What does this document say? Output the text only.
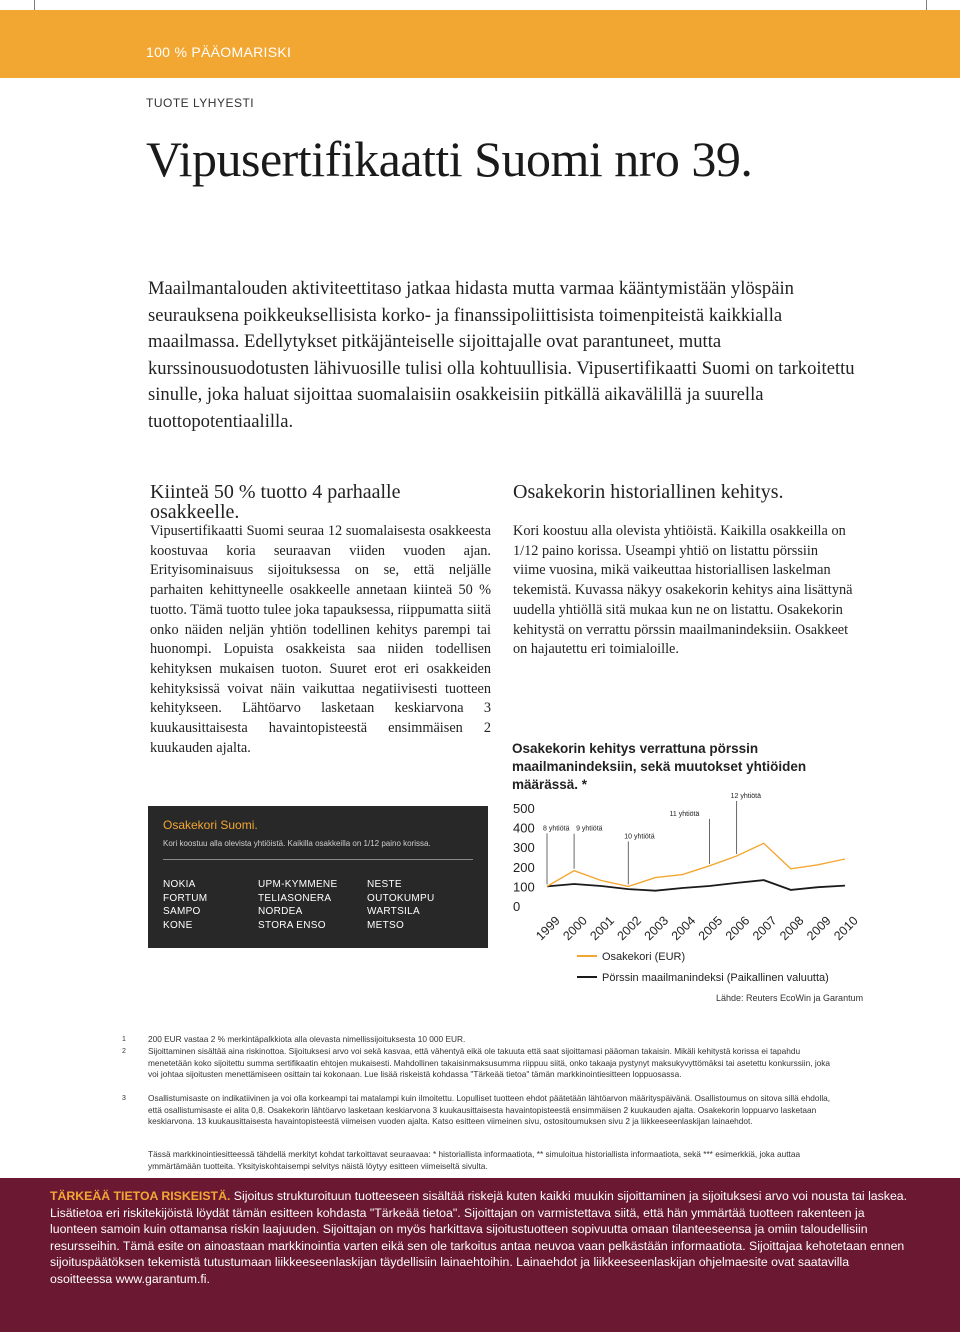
100 % PÄÄOMARISKI
TUOTE LYHYESTI
Vipusertifikaatti Suomi nro 39.

Maailmantalouden aktiviteettitaso jatkaa hidasta mutta varmaa kääntymistään ylöspäin seurauksena poikkeuksellisista korko- ja finanssipoliittisista toimenpiteistä kaikkialla maailmassa. Edellytykset pitkäjänteiselle sijoittajalle ovat parantuneet, mutta kurssinousuodotusten lähivuosille tulisi olla kohtuullisia. Vipusertifikaatti Suomi on tarkoitettu sinulle, joka haluat sijoittaa suomalaisiin osakkeisiin pitkällä aikavälillä ja suurella tuottopotentiaalilla.

Kiinteä 50 % tuotto 4 parhaalle osakkeelle.

Vipusertifikaatti Suomi seuraa 12 suomalaisesta osakkeesta koostuvaa koria seuraavan viiden vuoden ajan. Erityisominaisuus sijoituksessa on se, että neljälle parhaiten kehittyneelle osakkeelle annetaan kiinteä 50 % tuotto. Tämä tuotto tulee joka tapauksessa, riippumatta siitä onko näiden neljän yhtiön todellinen kehitys parempi tai huonompi. Lopuista osakkeista saa niiden todellisen kehityksen mukaisen tuoton. Suuret erot eri osakkeiden kehityksissä voivat näin vaikuttaa negatiivisesti tuotteen kehitykseen. Lähtöarvo lasketaan keskiarvona 3 kuukausittaisesta havaintopisteestä ensimmäisen 2 kuukauden ajalta.

Osakekorin historiallinen kehitys.

Kori koostuu alla olevista yhtiöistä. Kaikilla osakkeilla on 1/12 paino korissa. Useampi yhtiö on listattu pörssiin viime vuosina, mikä vaikeuttaa historiallisen laskelman tekemistä. Kuvassa näkyy osakekorin kehitys aina lisättynä uudella yhtiöllä sitä mukaa kun ne on listattu. Osakekorin kehitystä on verrattu pörssin maailmanindeksiin. Osakkeet on hajautettu eri toimialoille.

Osakekorin kehitys verrattuna pörssin maailmanindeksiin, sekä muutokset yhtiöiden määrässä. *
Osakekori Suomi.
Kori koostuu alla olevista yhtiöistä. Kaikilla osakkeilla on 1/12 paino korissa.
NOKIA
FORTUM
SAMPO
KONE
UPM-KYMMENE
TELIASONERA
NORDEA
STORA ENSO
NESTE
OUTOKUMPU
WARTSILA
METSO
500
400
300
200
100
0
1999
2000
2001
2002
2003
2004
2005
2006
2007
2008
2009
2010
8 yhtiötä 9 yhtiötä
10 yhtiötä
11 yhtiötä
12 yhtiötä
Osakekori (EUR)
Pörssin maailmanindeksi (Paikallinen valuutta)
Lähde: Reuters EcoWin ja Garantum

1	200 EUR vastaa 2 % merkintäpalkkiota alla olevasta nimellissijoituksesta 10 000 EUR.

2	Sijoittaminen sisältää aina riskinottoa. Sijoituksesi arvo voi sekä kasvaa, että vähentyä eikä ole takuuta että saat sijoittamasi pääoman takaisin. Mikäli kehitystä korissa ei tapahdu menetetään koko sijoitettu summa sertifikaatin ehtojen mukaisesti. Mahdollinen takaisinmaksusumma riippuu siitä, onko takaaja pystynyt maksukyvyttömäksi tai asetettu konkurssiin, joka voi johtaa sijoitusten menettämiseen osittain tai kokonaan. Lue lisää riskeistä kohdassa "Tärkeää tietoa" tämän markkinointiesitteen loppuosassa.

3	Osallistumisaste on indikatiivinen ja voi olla korkeampi tai matalampi kuin ilmoitettu. Lopulliset tuotteen ehdot päätetään lähtöarvon määrityspäivänä. Osallistoumus on sitova sillä ehdolla, että osallistumisaste ei alita 0,8. Osakekorin lähtöarvo lasketaan keskiarvona 3 kuukausittaisesta havaintopisteestä ensimmäisen 2 kuukauden ajalta. Osakekorin loppuarvo lasketaan keskiarvona. 13 kuukausittaisesta havaintopisteestä viimeisen vuoden ajalta. Katso esitteen viimeinen sivu, ostositoumuksen sivu 2 ja liikkeeseenlaskijan lainaehdot.

Tässä markkinointiesitteessä tähdellä merkityt kohdat tarkoittavat seuraavaa: * historiallista informaatiota, ** simuloitua historiallista informaatiota, sekä *** esimerkkiä, joka auttaa ymmärtämään tuotteita. Yksityiskohtaisempi selvitys näistä löytyy esitteen viimeiseltä sivulta.

TÄRKEÄÄ TIETOA RISKEISTÄ. Sijoitus strukturoituun tuotteeseen sisältää riskejä kuten kaikki muukin sijoittaminen ja sijoituksesi arvo voi nousta tai laskea. Lisätietoa eri riskitekijöistä löydät tämän esitteen kohdasta "Tärkeää tietoa". Sijoittajan on varmistettava siitä, että hän ymmärtää tuotteen rakenteen ja luonteen samoin kuin ottamansa riskin laajuuden. Sijoittajan on myös harkittava sijoitustuotteen sopivuutta omaan tilanteeseensa ja omiin taloudellisiin resursseihin. Tämä esite on ainoastaan markkinointia varten eikä sen ole tarkoitus antaa neuvoa vaan pelkästään informaatiota. Sijoittajaa kehotetaan ennen sijoituspäätöksen tekemistä tutustumaan liikkeeseenlaskijan täydellisiin lainaehtoihin. Lainaehdot ja liikkeeseenlaskijan ohjelmaesite ovat saatavilla osoitteessa www.garantum.fi.
